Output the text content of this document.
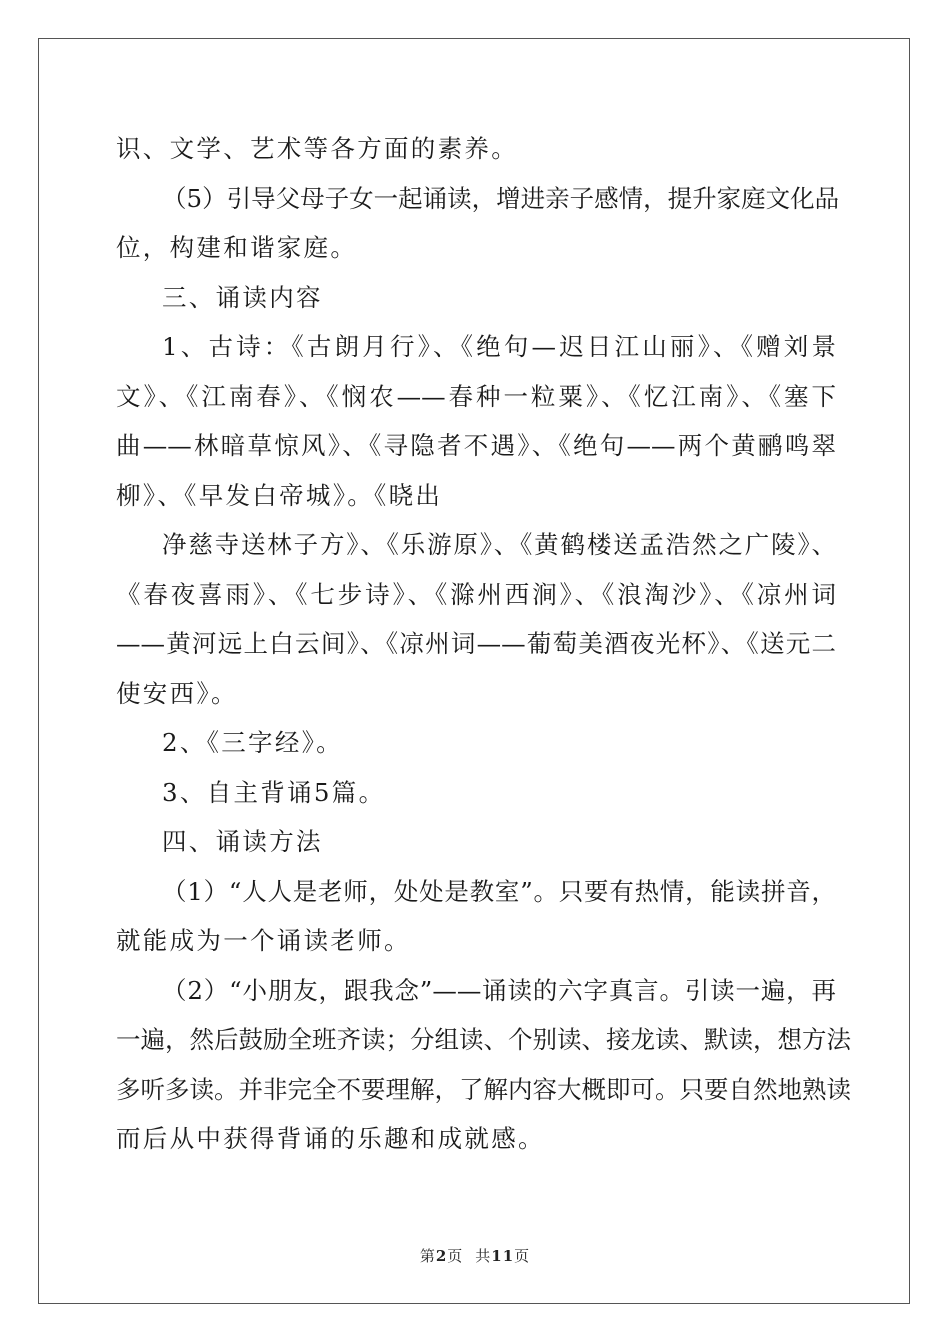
识、文学、艺术等各方面的素养。
（5）引导父母子女一起诵读，增进亲子感情，提升家庭文化品
位，构建和谐家庭。
三、诵读内容
1、古诗：《古朗月行》、《绝句—迟日江山丽》、《赠刘景
文》、《江南春》、《悯农——春种一粒粟》、《忆江南》、《塞下
曲——林暗草惊风》、《寻隐者不遇》、《绝句——两个黄鹂鸣翠
柳》、《早发白帝城》。《晓出
净慈寺送林子方》、《乐游原》、《黄鹤楼送孟浩然之广陵》、
《春夜喜雨》、《七步诗》、《滁州西涧》、《浪淘沙》、《凉州词
——黄河远上白云间》、《凉州词——葡萄美酒夜光杯》、《送元二
使安西》。
2、《三字经》。
3、自主背诵5篇。
四、诵读方法
（1）“人人是老师，处处是教室”。只要有热情，能读拼音，
就能成为一个诵读老师。
（2）“小朋友，跟我念”——诵读的六字真言。引读一遍，再
一遍，然后鼓励全班齐读；分组读、个别读、接龙读、默读，想方法
多听多读。并非完全不要理解，了解内容大概即可。只要自然地熟读
而后从中获得背诵的乐趣和成就感。
第2页 共11页
